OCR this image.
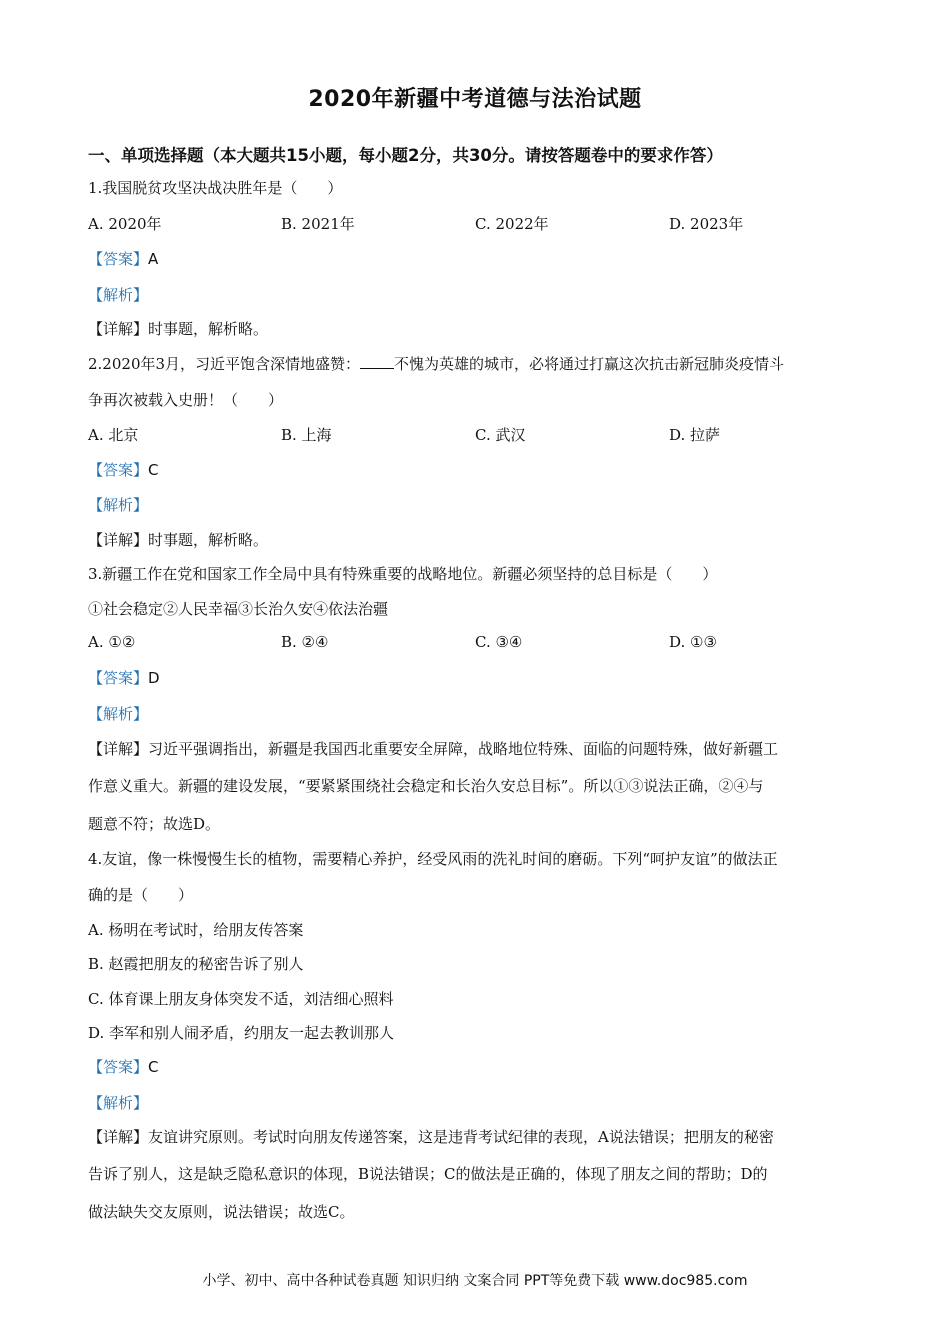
2020年新疆中考道德与法治试题
一、单项选择题（本大题共15小题，每小题2分，共30分。请按答题卷中的要求作答）
1.我国脱贫攻坚决战决胜年是（　　）
A. 2020年	B. 2021年	C. 2022年	D. 2023年
【答案】A
【解析】
【详解】时事题，解析略。
2.2020年3月，习近平饱含深情地盛赞： 不愧为英雄的城市，必将通过打赢这次抗击新冠肺炎疫情斗
争再次被载入史册！（　　）
A. 北京	B. 上海	C. 武汉	D. 拉萨
【答案】C
【解析】
【详解】时事题，解析略。
3.新疆工作在党和国家工作全局中具有特殊重要的战略地位。新疆必须坚持的总目标是（　　）
①社会稳定②人民幸福③长治久安④依法治疆
A. ①②	B. ②④	C. ③④	D. ①③
【答案】D
【解析】
【详解】习近平强调指出，新疆是我国西北重要安全屏障，战略地位特殊、面临的问题特殊，做好新疆工
作意义重大。新疆的建设发展，“要紧紧围绕社会稳定和长治久安总目标”。所以①③说法正确，②④与
题意不符；故选D。
4.友谊，像一株慢慢生长的植物，需要精心养护，经受风雨的洗礼时间的磨砺。下列“呵护友谊”的做法正
确的是（　　）
A. 杨明在考试时，给朋友传答案
B. 赵霞把朋友的秘密告诉了别人
C. 体育课上朋友身体突发不适，刘洁细心照料
D. 李军和别人闹矛盾，约朋友一起去教训那人
【答案】C
【解析】
【详解】友谊讲究原则。考试时向朋友传递答案，这是违背考试纪律的表现，A说法错误；把朋友的秘密
告诉了别人，这是缺乏隐私意识的体现，B说法错误；C的做法是正确的，体现了朋友之间的帮助；D的
做法缺失交友原则，说法错误；故选C。
小学、初中、高中各种试卷真题 知识归纳 文案合同 PPT等免费下载 www.doc985.com
